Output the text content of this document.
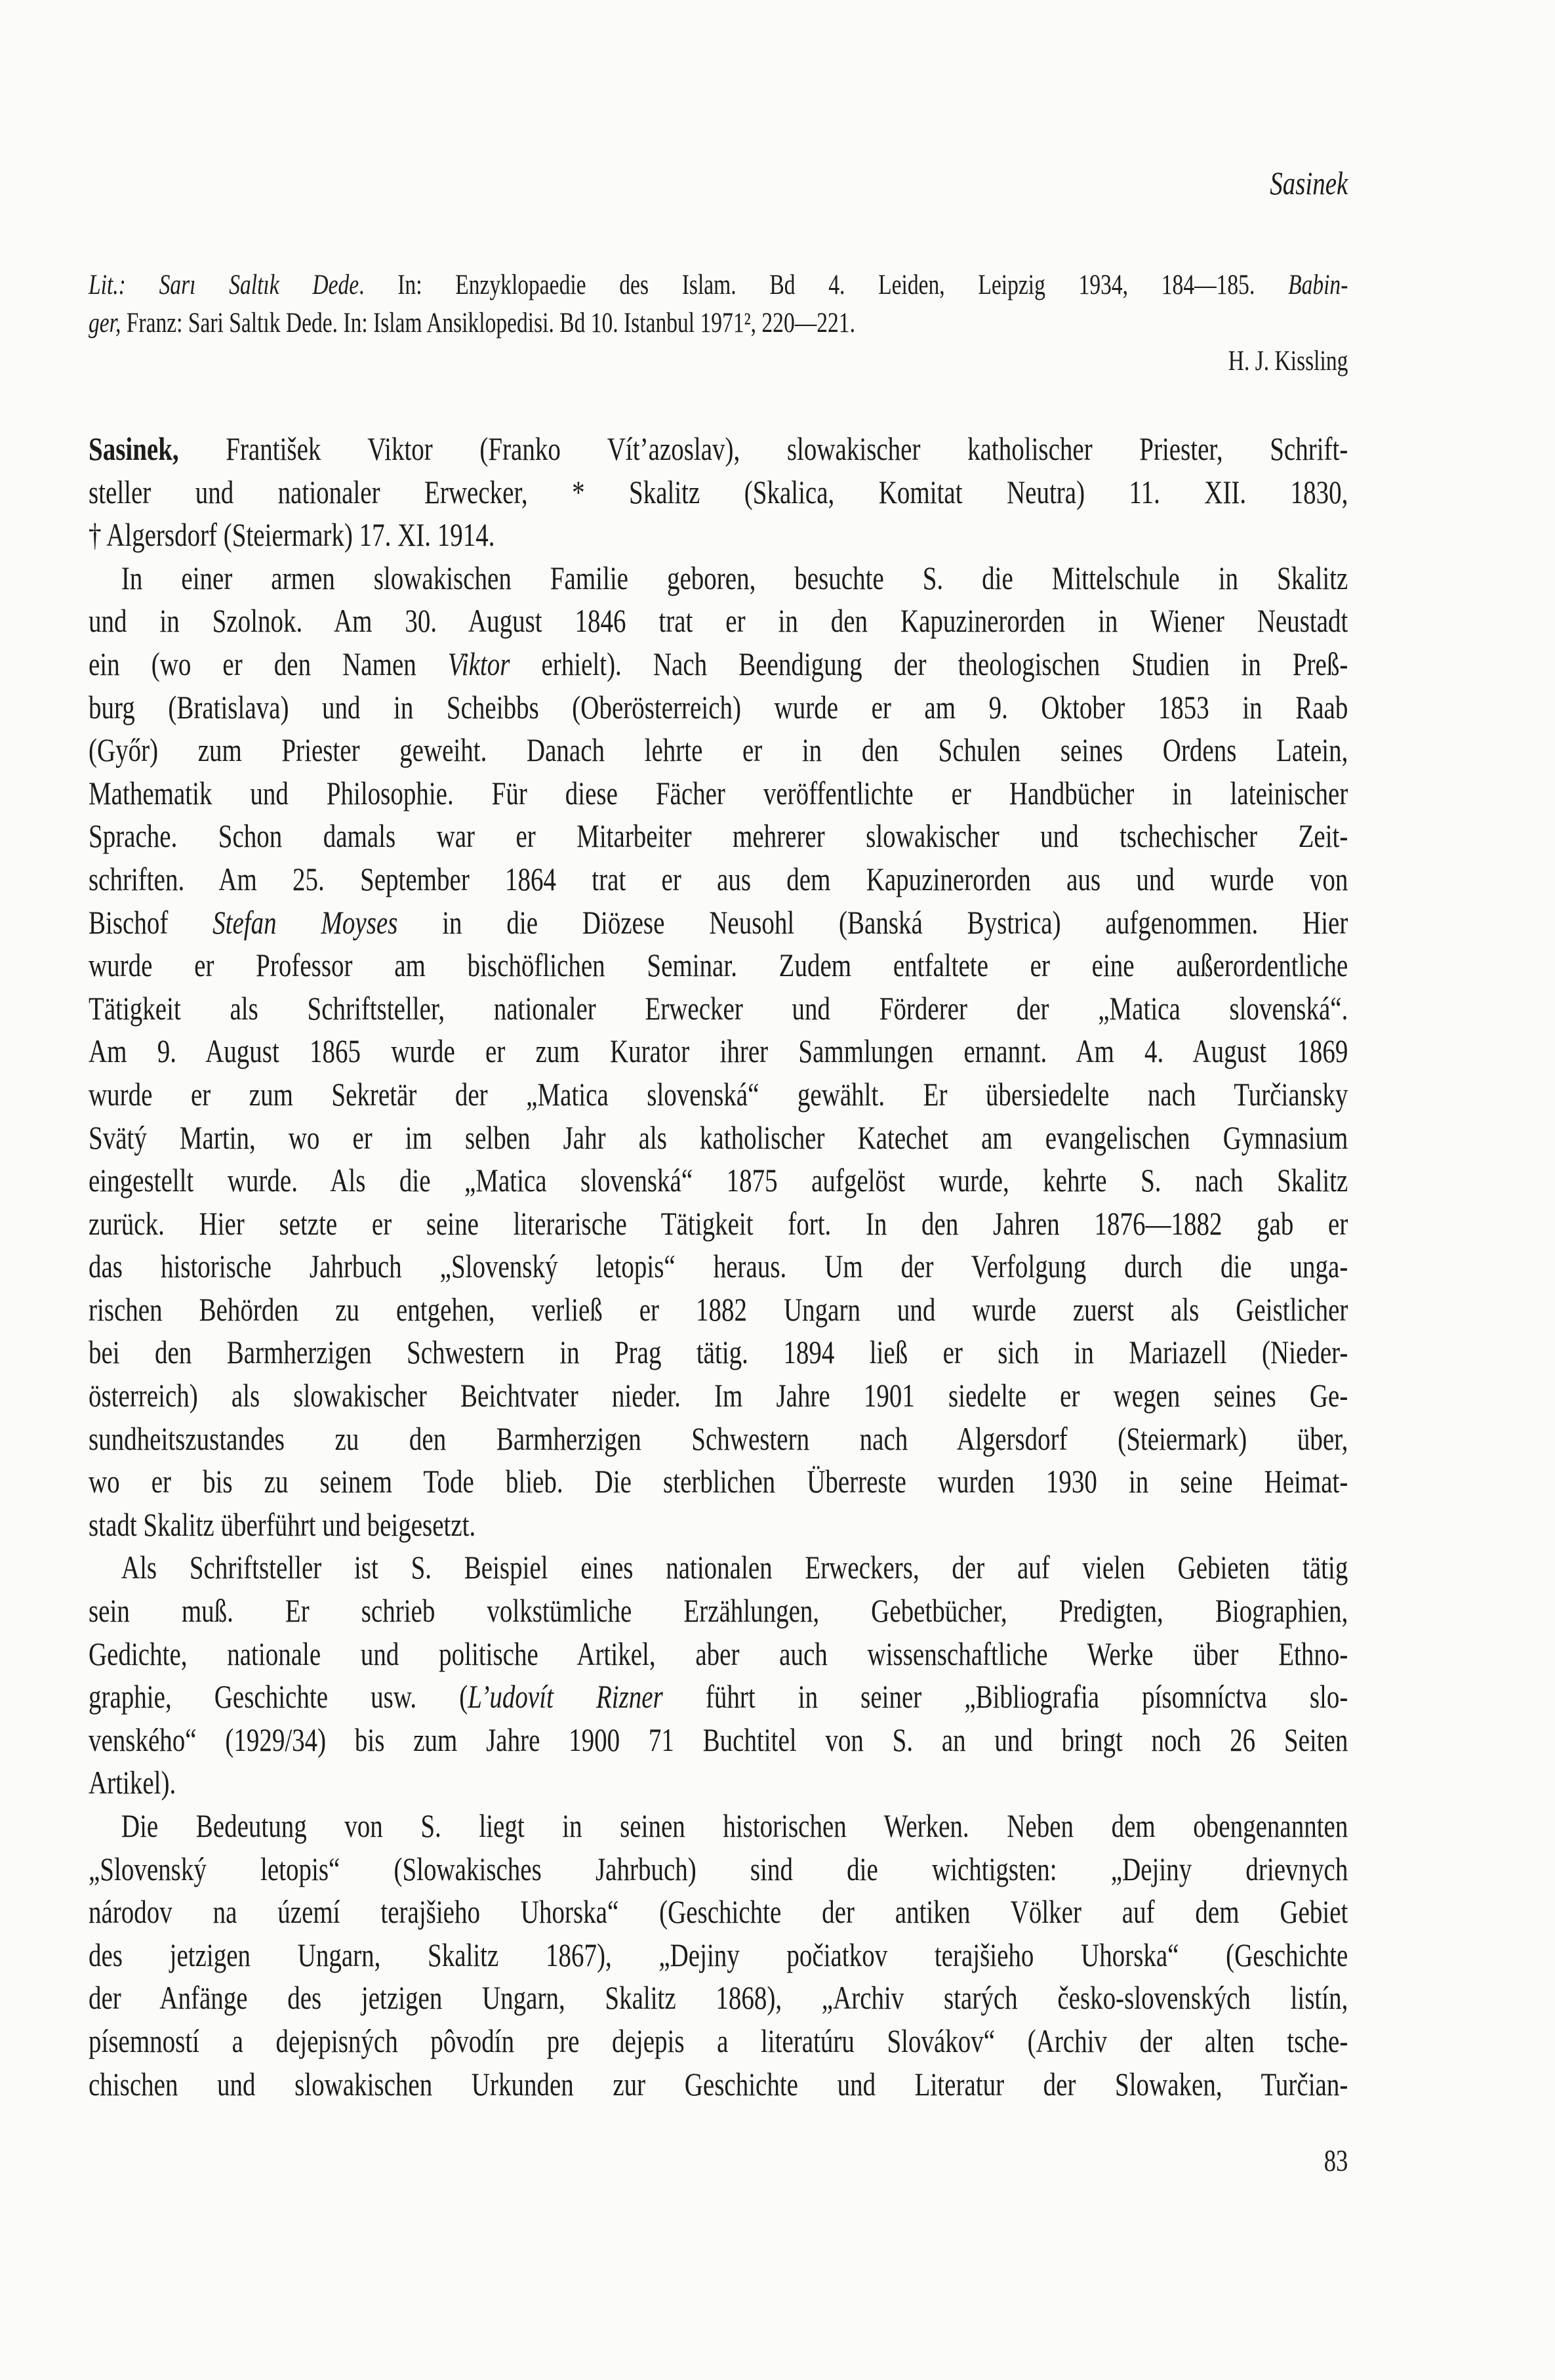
Sasinek
Lit.: Sarı Saltık Dede. In: Enzyklopaedie des Islam. Bd 4. Leiden, Leipzig 1934, 184—185. Babin-
ger, Franz: Sari Saltık Dede. In: Islam Ansiklopedisi. Bd 10. Istanbul 1971², 220—221.
H. J. Kissling
Sasinek, František Viktor (Franko Vít’azoslav), slowakischer katholischer Priester, Schrift-
steller und nationaler Erwecker, * Skalitz (Skalica, Komitat Neutra) 11. XII. 1830,
† Algersdorf (Steiermark) 17. XI. 1914.
In einer armen slowakischen Familie geboren, besuchte S. die Mittelschule in Skalitz
und in Szolnok. Am 30. August 1846 trat er in den Kapuzinerorden in Wiener Neustadt
ein (wo er den Namen Viktor erhielt). Nach Beendigung der theologischen Studien in Preß-
burg (Bratislava) und in Scheibbs (Oberösterreich) wurde er am 9. Oktober 1853 in Raab
(Győr) zum Priester geweiht. Danach lehrte er in den Schulen seines Ordens Latein,
Mathematik und Philosophie. Für diese Fächer veröffentlichte er Handbücher in lateinischer
Sprache. Schon damals war er Mitarbeiter mehrerer slowakischer und tschechischer Zeit-
schriften. Am 25. September 1864 trat er aus dem Kapuzinerorden aus und wurde von
Bischof Stefan Moyses in die Diözese Neusohl (Banská Bystrica) aufgenommen. Hier
wurde er Professor am bischöflichen Seminar. Zudem entfaltete er eine außerordentliche
Tätigkeit als Schriftsteller, nationaler Erwecker und Förderer der „Matica slovenská“.
Am 9. August 1865 wurde er zum Kurator ihrer Sammlungen ernannt. Am 4. August 1869
wurde er zum Sekretär der „Matica slovenská“ gewählt. Er übersiedelte nach Turčiansky
Svätý Martin, wo er im selben Jahr als katholischer Katechet am evangelischen Gymnasium
eingestellt wurde. Als die „Matica slovenská“ 1875 aufgelöst wurde, kehrte S. nach Skalitz
zurück. Hier setzte er seine literarische Tätigkeit fort. In den Jahren 1876—1882 gab er
das historische Jahrbuch „Slovenský letopis“ heraus. Um der Verfolgung durch die unga-
rischen Behörden zu entgehen, verließ er 1882 Ungarn und wurde zuerst als Geistlicher
bei den Barmherzigen Schwestern in Prag tätig. 1894 ließ er sich in Mariazell (Nieder-
österreich) als slowakischer Beichtvater nieder. Im Jahre 1901 siedelte er wegen seines Ge-
sundheitszustandes zu den Barmherzigen Schwestern nach Algersdorf (Steiermark) über,
wo er bis zu seinem Tode blieb. Die sterblichen Überreste wurden 1930 in seine Heimat-
stadt Skalitz überführt und beigesetzt.
Als Schriftsteller ist S. Beispiel eines nationalen Erweckers, der auf vielen Gebieten tätig
sein muß. Er schrieb volkstümliche Erzählungen, Gebetbücher, Predigten, Biographien,
Gedichte, nationale und politische Artikel, aber auch wissenschaftliche Werke über Ethno-
graphie, Geschichte usw. (L’udovít Rizner führt in seiner „Bibliografia písomníctva slo-
venského“ (1929/34) bis zum Jahre 1900 71 Buchtitel von S. an und bringt noch 26 Seiten
Artikel).
Die Bedeutung von S. liegt in seinen historischen Werken. Neben dem obengenannten
„Slovenský letopis“ (Slowakisches Jahrbuch) sind die wichtigsten: „Dejiny drievnych
národov na území terajšieho Uhorska“ (Geschichte der antiken Völker auf dem Gebiet
des jetzigen Ungarn, Skalitz 1867), „Dejiny počiatkov terajšieho Uhorska“ (Geschichte
der Anfänge des jetzigen Ungarn, Skalitz 1868), „Archiv starých česko-slovenských listín,
písemností a dejepisných pôvodín pre dejepis a literatúru Slovákov“ (Archiv der alten tsche-
chischen und slowakischen Urkunden zur Geschichte und Literatur der Slowaken, Turčian-
83
